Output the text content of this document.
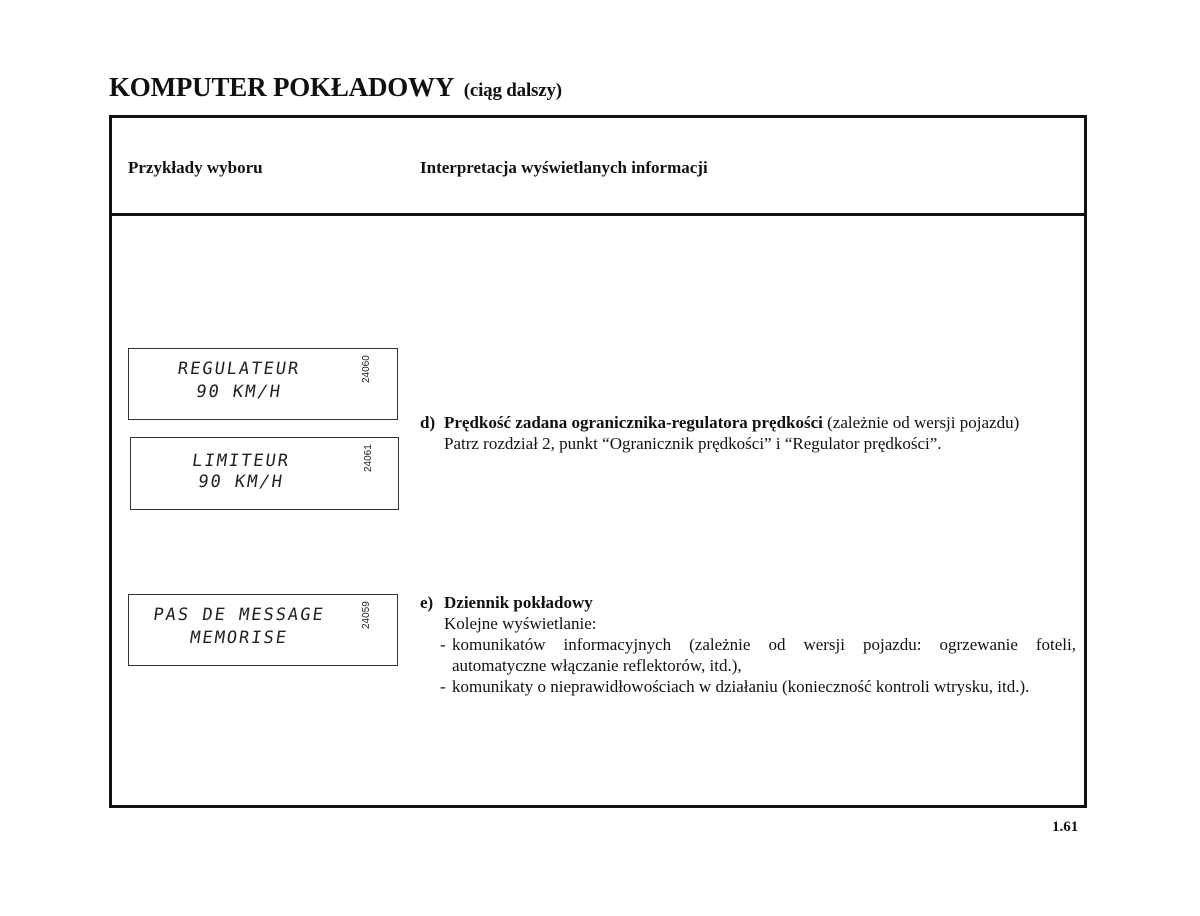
KOMPUTER POKŁADOWY (ciąg dalszy)
Przykłady wyboru	Interpretacja wyświetlanych informacji
REGULATEUR
90 KM/H
24060
LIMITEUR
90 KM/H
24061
PAS DE MESSAGE
MEMORISE
24059
d) Prędkość zadana ogranicznika-regulatora prędkości (zależnie od wersji pojazdu)
Patrz rozdział 2, punkt “Ogranicznik prędkości” i “Regulator prędkości”.
e) Dziennik pokładowy
Kolejne wyświetlanie:
- komunikatów informacyjnych (zależnie od wersji pojazdu: ogrzewanie foteli, automatyczne włączanie reflektorów, itd.),
- komunikaty o nieprawidłowościach w działaniu (konieczność kontroli wtrysku, itd.).
1.61
